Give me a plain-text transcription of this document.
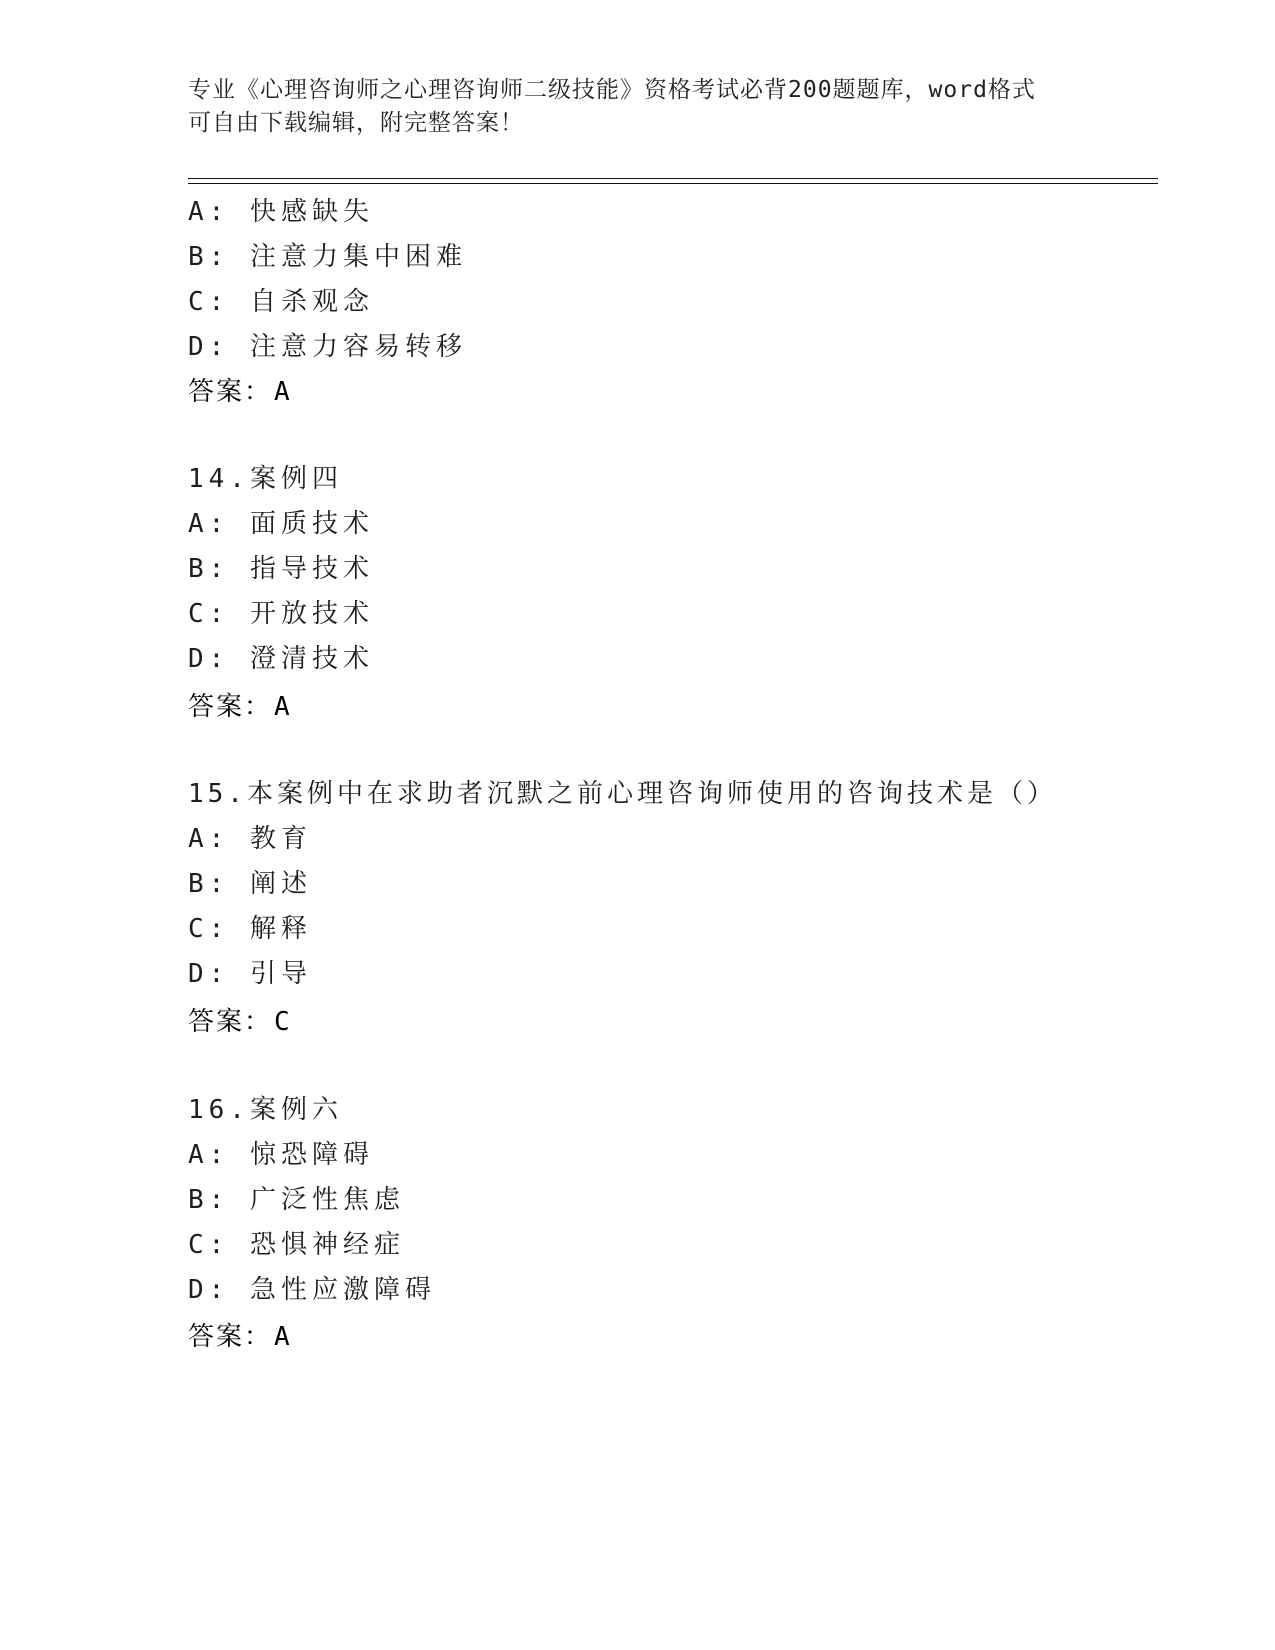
专业《心理咨询师之心理咨询师二级技能》资格考试必背200题题库，word格式
可自由下载编辑，附完整答案！
A: 快感缺失
B: 注意力集中困难
C: 自杀观念
D: 注意力容易转移
答案：A
14.案例四
A: 面质技术
B: 指导技术
C: 开放技术
D: 澄清技术
答案：A
15.本案例中在求助者沉默之前心理咨询师使用的咨询技术是（）
A: 教育
B: 阐述
C: 解释
D: 引导
答案：C
16.案例六
A: 惊恐障碍
B: 广泛性焦虑
C: 恐惧神经症
D: 急性应激障碍
答案：A
